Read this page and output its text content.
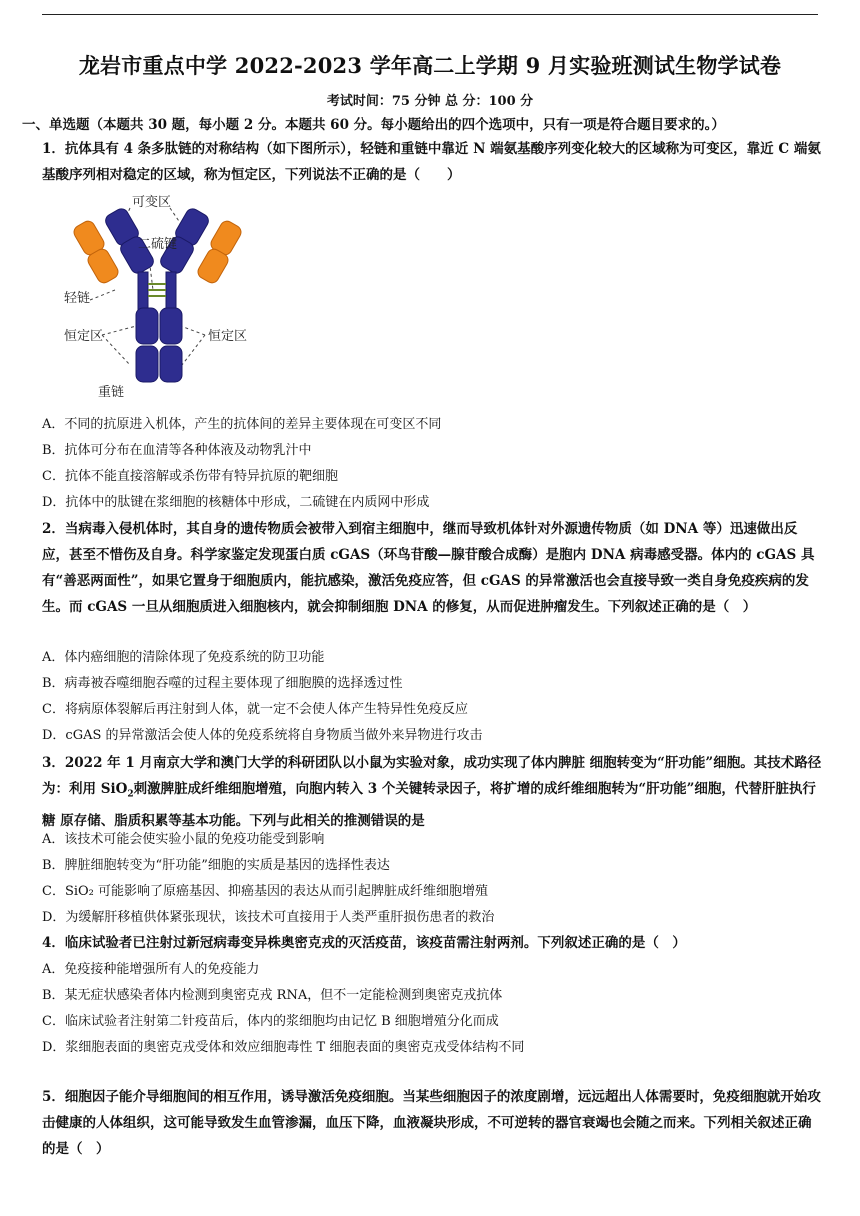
龙岩市重点中学 2022-2023 学年高二上学期 9 月实验班测试生物学试卷
考试时间：75 分钟 总 分：100 分
一、单选题（本题共 30 题，每小题 2 分。本题共 60 分。每小题给出的四个选项中，只有一项是符合题目要求的。）
1．抗体具有 4 条多肽链的对称结构（如下图所示），轻链和重链中靠近 N 端氨基酸序列变化较大的区域称为可变区，靠近 C 端氨基酸序列相对稳定的区域，称为恒定区，下列说法不正确的是（　　）
可变区
二硫键
轻链
恒定区	恒定区
重链
A．不同的抗原进入机体，产生的抗体间的差异主要体现在可变区不同
B．抗体可分布在血清等各种体液及动物乳汁中
C．抗体不能直接溶解或杀伤带有特异抗原的靶细胞
D．抗体中的肽键在浆细胞的核糖体中形成，二硫键在内质网中形成
2．当病毒入侵机体时，其自身的遗传物质会被带入到宿主细胞中，继而导致机体针对外源遗传物质（如 DNA 等）迅速做出反应，甚至不惜伤及自身。科学家鉴定发现蛋白质 cGAS（环鸟苷酸—腺苷酸合成酶）是胞内 DNA 病毒感受器。体内的 cGAS 具有“善恶两面性”，如果它置身于细胞质内，能抗感染，激活免疫应答，但 cGAS 的异常激活也会直接导致一类自身免疫疾病的发生。而 cGAS 一旦从细胞质进入细胞核内，就会抑制细胞 DNA 的修复，从而促进肿瘤发生。下列叙述正确的是（　）
A．体内癌细胞的清除体现了免疫系统的防卫功能
B．病毒被吞噬细胞吞噬的过程主要体现了细胞膜的选择透过性
C．将病原体裂解后再注射到人体，就一定不会使人体产生特异性免疫反应
D．cGAS 的异常激活会使人体的免疫系统将自身物质当做外来异物进行攻击
3．2022 年 1 月南京大学和澳门大学的科研团队以小鼠为实验对象，成功实现了体内脾脏 细胞转变为“肝功能”细胞。其技术路径为：利用 SiO$_2$刺激脾脏成纤维细胞增殖，向胞内转入 3 个关键转录因子，将扩增的成纤维细胞转为“肝功能”细胞，代替肝脏执行糖 原存储、脂质积累等基本功能。下列与此相关的推测错误的是
A．该技术可能会使实验小鼠的免疫功能受到影响
B．脾脏细胞转变为“肝功能”细胞的实质是基因的选择性表达
C．SiO₂ 可能影响了原癌基因、抑癌基因的表达从而引起脾脏成纤维细胞增殖
D．为缓解肝移植供体紧张现状，该技术可直接用于人类严重肝损伤患者的救治
4．临床试验者已注射过新冠病毒变异株奥密克戎的灭活疫苗，该疫苗需注射两剂。下列叙述正确的是（　）
A．免疫接种能增强所有人的免疫能力
B．某无症状感染者体内检测到奥密克戎 RNA，但不一定能检测到奥密克戎抗体
C．临床试验者注射第二针疫苗后，体内的浆细胞均由记忆 B 细胞增殖分化而成
D．浆细胞表面的奥密克戎受体和效应细胞毒性 T 细胞表面的奥密克戎受体结构不同
5．细胞因子能介导细胞间的相互作用，诱导激活免疫细胞。当某些细胞因子的浓度剧增，远远超出人体需要时，免疫细胞就开始攻击健康的人体组织，这可能导致发生血管渗漏，血压下降，血液凝块形成，不可逆转的器官衰竭也会随之而来。下列相关叙述正确的是（　）
